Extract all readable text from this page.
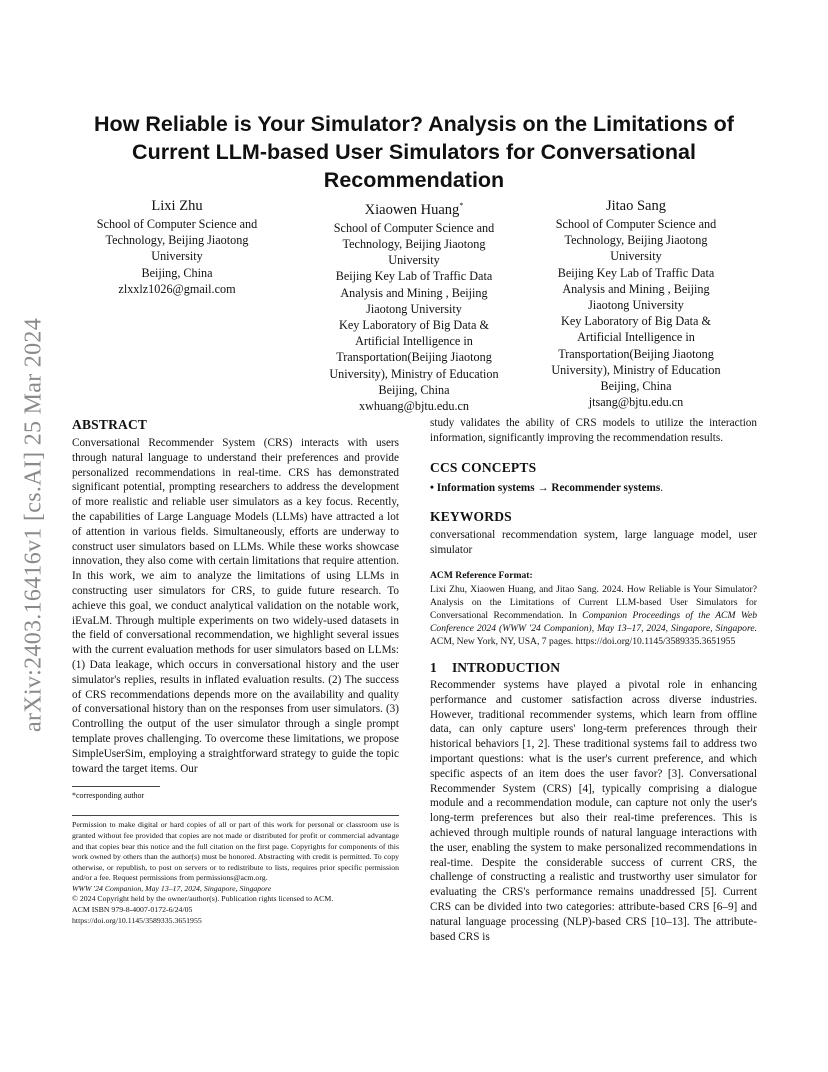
arXiv:2403.16416v1 [cs.AI] 25 Mar 2024
How Reliable is Your Simulator? Analysis on the Limitations of Current LLM-based User Simulators for Conversational Recommendation
Lixi Zhu
School of Computer Science and
Technology, Beijing Jiaotong
University
Beijing, China
zlxxlz1026@gmail.com
Xiaowen Huang*
School of Computer Science and
Technology, Beijing Jiaotong
University
Beijing Key Lab of Traffic Data
Analysis and Mining , Beijing
Jiaotong University
Key Laboratory of Big Data &
Artificial Intelligence in
Transportation(Beijing Jiaotong
University), Ministry of Education
Beijing, China
xwhuang@bjtu.edu.cn
Jitao Sang
School of Computer Science and
Technology, Beijing Jiaotong
University
Beijing Key Lab of Traffic Data
Analysis and Mining , Beijing
Jiaotong University
Key Laboratory of Big Data &
Artificial Intelligence in
Transportation(Beijing Jiaotong
University), Ministry of Education
Beijing, China
jtsang@bjtu.edu.cn
ABSTRACT

Conversational Recommender System (CRS) interacts with users through natural language to understand their preferences and provide personalized recommendations in real-time. CRS has demonstrated significant potential, prompting researchers to address the development of more realistic and reliable user simulators as a key focus. Recently, the capabilities of Large Language Models (LLMs) have attracted a lot of attention in various fields. Simultaneously, efforts are underway to construct user simulators based on LLMs. While these works showcase innovation, they also come with certain limitations that require attention. In this work, we aim to analyze the limitations of using LLMs in constructing user simulators for CRS, to guide future research. To achieve this goal, we conduct analytical validation on the notable work, iEvaLM. Through multiple experiments on two widely-used datasets in the field of conversational recommendation, we highlight several issues with the current evaluation methods for user simulators based on LLMs: (1) Data leakage, which occurs in conversational history and the user simulator's replies, results in inflated evaluation results. (2) The success of CRS recommendations depends more on the availability and quality of conversational history than on the responses from user simulators. (3) Controlling the output of the user simulator through a single prompt template proves challenging. To overcome these limitations, we propose SimpleUserSim, employing a straightforward strategy to guide the topic toward the target items. Our

*corresponding author
Permission to make digital or hard copies of all or part of this work for personal or classroom use is granted without fee provided that copies are not made or distributed for profit or commercial advantage and that copies bear this notice and the full citation on the first page. Copyrights for components of this work owned by others than the author(s) must be honored. Abstracting with credit is permitted. To copy otherwise, or republish, to post on servers or to redistribute to lists, requires prior specific permission and/or a fee. Request permissions from permissions@acm.org.
WWW '24 Companion, May 13–17, 2024, Singapore, Singapore
© 2024 Copyright held by the owner/author(s). Publication rights licensed to ACM.
ACM ISBN 979-8-4007-0172-6/24/05
https://doi.org/10.1145/3589335.3651955

study validates the ability of CRS models to utilize the interaction information, significantly improving the recommendation results.

CCS CONCEPTS

• Information systems → Recommender systems.

KEYWORDS

conversational recommendation system, large language model, user simulator

ACM Reference Format:
Lixi Zhu, Xiaowen Huang, and Jitao Sang. 2024. How Reliable is Your Simulator? Analysis on the Limitations of Current LLM-based User Simulators for Conversational Recommendation. In Companion Proceedings of the ACM Web Conference 2024 (WWW '24 Companion), May 13–17, 2024, Singapore, Singapore. ACM, New York, NY, USA, 7 pages. https://doi.org/10.1145/3589335.3651955
1 INTRODUCTION

Recommender systems have played a pivotal role in enhancing performance and customer satisfaction across diverse industries. However, traditional recommender systems, which learn from offline data, can only capture users' long-term preferences through their historical behaviors [1, 2]. These traditional systems fail to address two important questions: what is the user's current preference, and which specific aspects of an item does the user favor? [3]. Conversational Recommender System (CRS) [4], typically comprising a dialogue module and a recommendation module, can capture not only the user's long-term preferences but also their real-time preferences. This is achieved through multiple rounds of natural language interactions with the user, enabling the system to make personalized recommendations in real-time. Despite the considerable success of current CRS, the challenge of constructing a realistic and trustworthy user simulator for evaluating the CRS's performance remains unaddressed [5]. Current CRS can be divided into two categories: attribute-based CRS [6–9] and natural language processing (NLP)-based CRS [10–13]. The attribute-based CRS is
